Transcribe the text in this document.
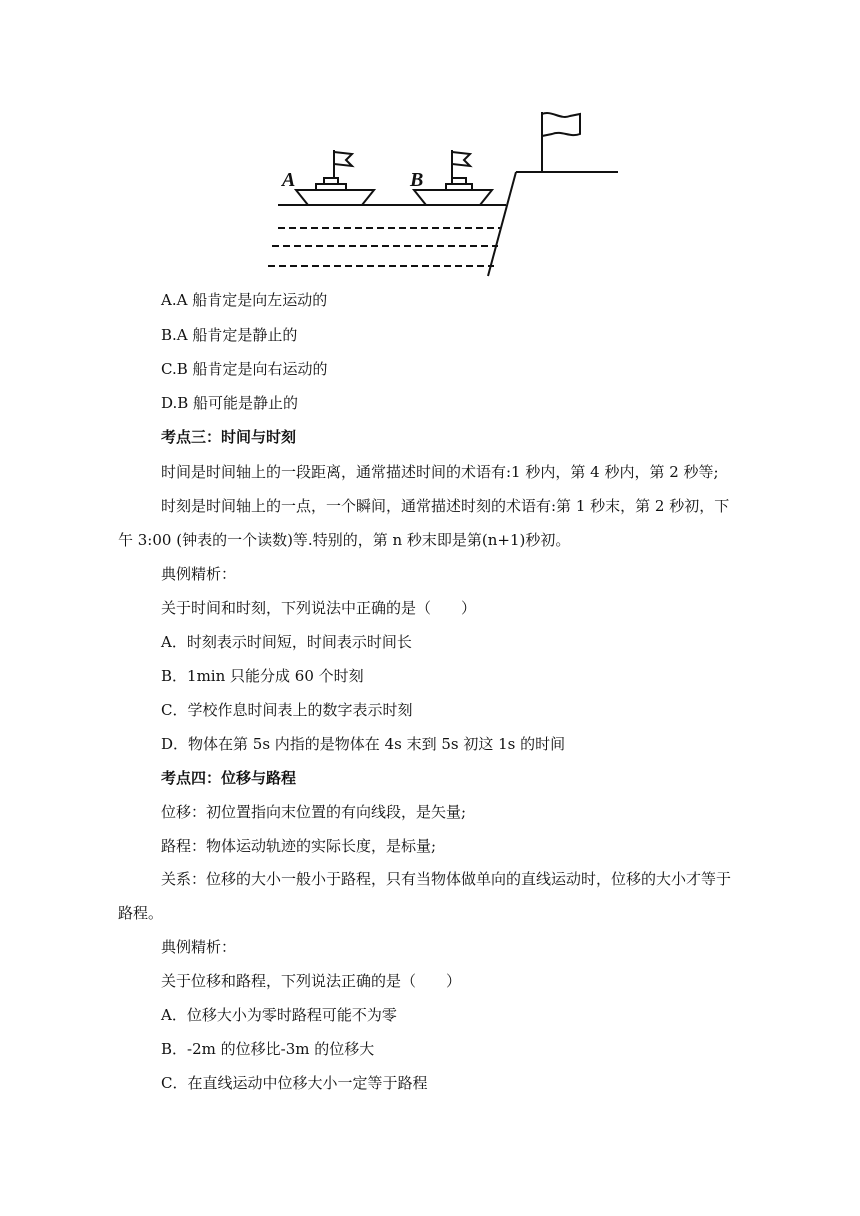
A	B
A.A 船肯定是向左运动的
B.A 船肯定是静止的
C.B 船肯定是向右运动的
D.B 船可能是静止的
考点三：时间与时刻
时间是时间轴上的一段距离，通常描述时间的术语有:1 秒内，第 4 秒内，第 2 秒等;
时刻是时间轴上的一点，一个瞬间，通常描述时刻的术语有:第 1 秒末，第 2 秒初，下
午 3:00 (钟表的一个读数)等.特别的，第 n 秒末即是第(n+1)秒初。
典例精析：
关于时间和时刻，下列说法中正确的是（　　）
A．时刻表示时间短，时间表示时间长
B．1min 只能分成 60 个时刻
C．学校作息时间表上的数字表示时刻
D．物体在第 5s 内指的是物体在 4s 末到 5s 初这 1s 的时间
考点四：位移与路程
位移：初位置指向末位置的有向线段，是矢量;
路程：物体运动轨迹的实际长度，是标量;
关系：位移的大小一般小于路程，只有当物体做单向的直线运动时，位移的大小才等于
路程。
典例精析：
关于位移和路程，下列说法正确的是（　　）
A．位移大小为零时路程可能不为零
B．-2m 的位移比-3m 的位移大
C．在直线运动中位移大小一定等于路程
